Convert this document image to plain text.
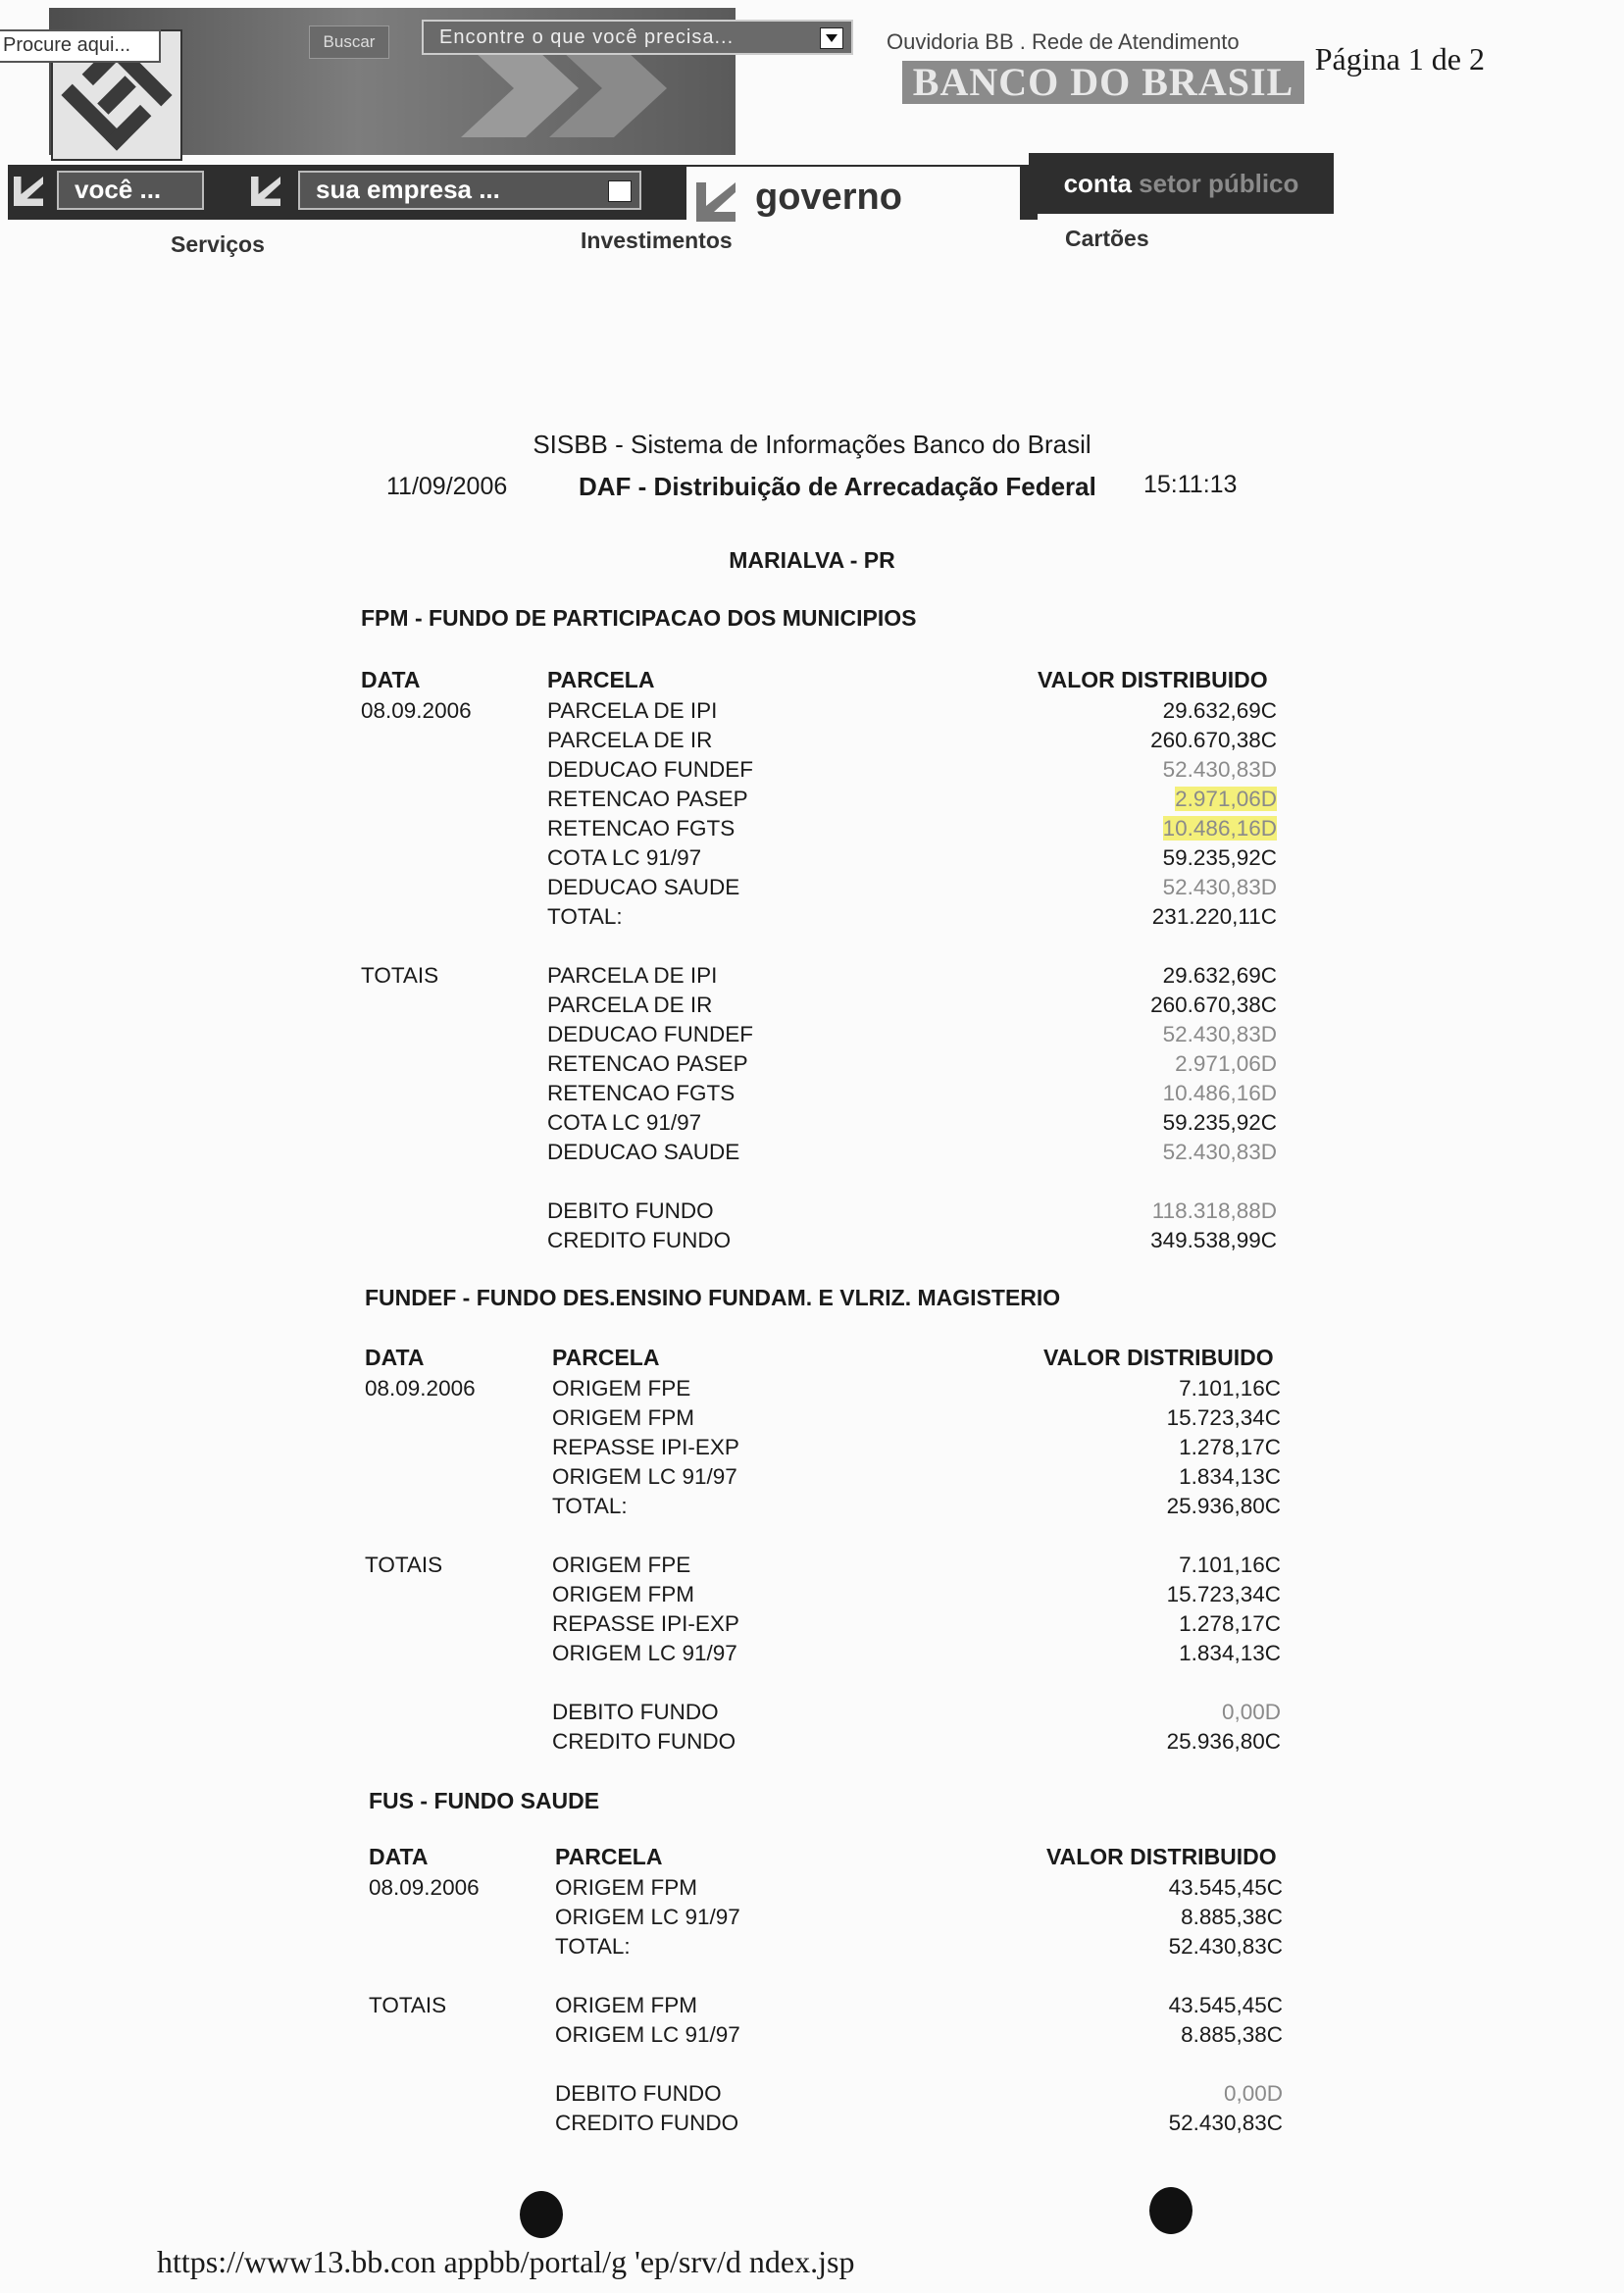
Página 1 de 2
Procure aqui...	Buscar	Encontre o que você precisa...	Ouvidoria BB . Rede de Atendimento
BANCO DO BRASIL
você ...	sua empresa ...	governo	conta setor público
Serviços	Investimentos	Cartões
SISBB - Sistema de Informações Banco do Brasil
11/09/2006	DAF - Distribuição de Arrecadação Federal 15:11:13
MARIALVA - PR
FPM - FUNDO DE PARTICIPACAO DOS MUNICIPIOS
DATA	PARCELA	VALOR DISTRIBUIDO
08.09.2006	PARCELA DE IPI	29.632,69C
PARCELA DE IR	260.670,38C
DEDUCAO FUNDEF	52.430,83D
RETENCAO PASEP	2.971,06D
RETENCAO FGTS	10.486,16D
COTA LC 91/97	59.235,92C
DEDUCAO SAUDE	52.430,83D
TOTAL:	231.220,11C
TOTAIS	PARCELA DE IPI	29.632,69C
PARCELA DE IR	260.670,38C
DEDUCAO FUNDEF	52.430,83D
RETENCAO PASEP	2.971,06D
RETENCAO FGTS	10.486,16D
COTA LC 91/97	59.235,92C
DEDUCAO SAUDE	52.430,83D
DEBITO FUNDO	118.318,88D
CREDITO FUNDO	349.538,99C
FUNDEF - FUNDO DES.ENSINO FUNDAM. E VLRIZ. MAGISTERIO
DATA	PARCELA	VALOR DISTRIBUIDO
08.09.2006	ORIGEM FPE	7.101,16C
ORIGEM FPM	15.723,34C
REPASSE IPI-EXP	1.278,17C
ORIGEM LC 91/97	1.834,13C
TOTAL:	25.936,80C
TOTAIS	ORIGEM FPE	7.101,16C
ORIGEM FPM	15.723,34C
REPASSE IPI-EXP	1.278,17C
ORIGEM LC 91/97	1.834,13C
DEBITO FUNDO	0,00D
CREDITO FUNDO	25.936,80C
FUS - FUNDO SAUDE
DATA	PARCELA	VALOR DISTRIBUIDO
08.09.2006	ORIGEM FPM	43.545,45C
ORIGEM LC 91/97	8.885,38C
TOTAL:	52.430,83C
TOTAIS	ORIGEM FPM	43.545,45C
ORIGEM LC 91/97	8.885,38C
DEBITO FUNDO	0,00D
CREDITO FUNDO	52.430,83C
https://www13.bb.con appbb/portal/g 'ep/srv/d ndex.jsp
